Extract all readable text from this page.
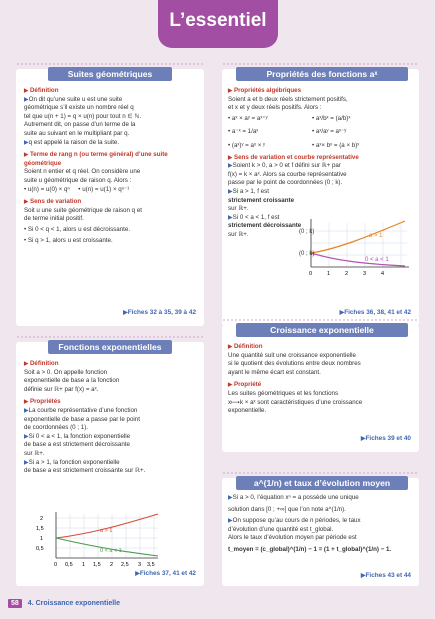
L’essentiel
Suites géométriques
▶ Définition
▶On dit qu’une suite u est une suite
géométrique s’il existe un nombre réel q
tel que u(n + 1) = q × u(n) pour tout n ∈ ℕ.
Autrement dit, on passe d’un terme de la
suite au suivant en le multipliant par q.
▶q est appelé la raison de la suite.
▶ Terme de rang n (ou terme général) d’une suite géométrique
Soient n entier et q réel. On considère une
suite u géométrique de raison q. Alors :
• u(n) = u(0) × qⁿ     • u(n) = u(1) × qⁿ⁻¹
▶ Sens de variation
Soit u une suite géométrique de raison q et
de terme initial positif.
• Si 0 < q < 1, alors u est décroissante.
• Si q > 1, alors u est croissante.
▶Fiches 32 à 35, 39 à 42
Propriétés des fonctions aˣ
▶ Propriétés algébriques
Soient a et b deux réels strictement positifs,
et x et y deux réels positifs. Alors :
• aˣ × aʸ = aˣ⁺ʸ	• aˣ/bˣ = (a/b)ˣ
• a⁻ˣ = 1/aˣ	• aˣ/aʸ = aˣ⁻ʸ
• (aˣ)ʸ = aˣ × ʸ	• aˣ× bˣ = (a × b)ˣ
▶ Sens de variation et courbe représentative
▶Soient k > 0, a > 0 et f défini sur ℝ+ par
f(x) = k × aˣ. Alors sa courbe représentative
passe par le point de coordonnées (0 ; k).
▶Si a > 1, f est
strictement croissante
sur ℝ+.
▶Si 0 < a < 1, f est
strictement décroissante
sur ℝ+.	a > 1
0 < a < 1
(0 ; k)
(0 ; k)
0	1	2	3	4
▶Fiches 36, 38, 41 et 42
Fonctions exponentielles
▶ Définition
Soit a > 0. On appelle fonction
exponentielle de base a la fonction
définie sur ℝ+ par f(x) = aˣ.
▶ Propriétés
▶La courbe représentative d’une fonction
exponentielle de base a passe par le point
de coordonnées (0 ; 1).
▶Si 0 < a < 1, la fonction exponentielle
de base a est strictement décroissante
sur ℝ+.
▶Si a > 1, la fonction exponentielle
de base a est strictement croissante sur ℝ+.
a > 1
0 < a < 1
2
1,5
1
0,5
0 0,5 1 1,5 2 2,5 3 3,5
▶Fiches 37, 41 et 42
Croissance exponentielle
▶ Définition
Une quantité suit une croissance exponentielle
si le quotient des évolutions entre deux nombres
ayant le même écart est constant.
▶ Propriété
Les suites géométriques et les fonctions
x⟼k × aˣ sont caractéristiques d’une croissance
exponentielle.
▶Fiches 39 et 40
a^(1/n) et taux d’évolution moyen
▶Si a > 0, l’équation xⁿ = a possède une unique
solution dans [0 ; +∞[ que l’on note a^(1/n).
▶On suppose qu’au cours de n périodes, le taux
d’évolution d’une quantité est t_global.
Alors le taux d’évolution moyen par période est
t_moyen = (c_global)^(1/n) − 1 = (1 + t_global)^(1/n) − 1.
▶Fiches 43 et 44
58 4. Croissance exponentielle
